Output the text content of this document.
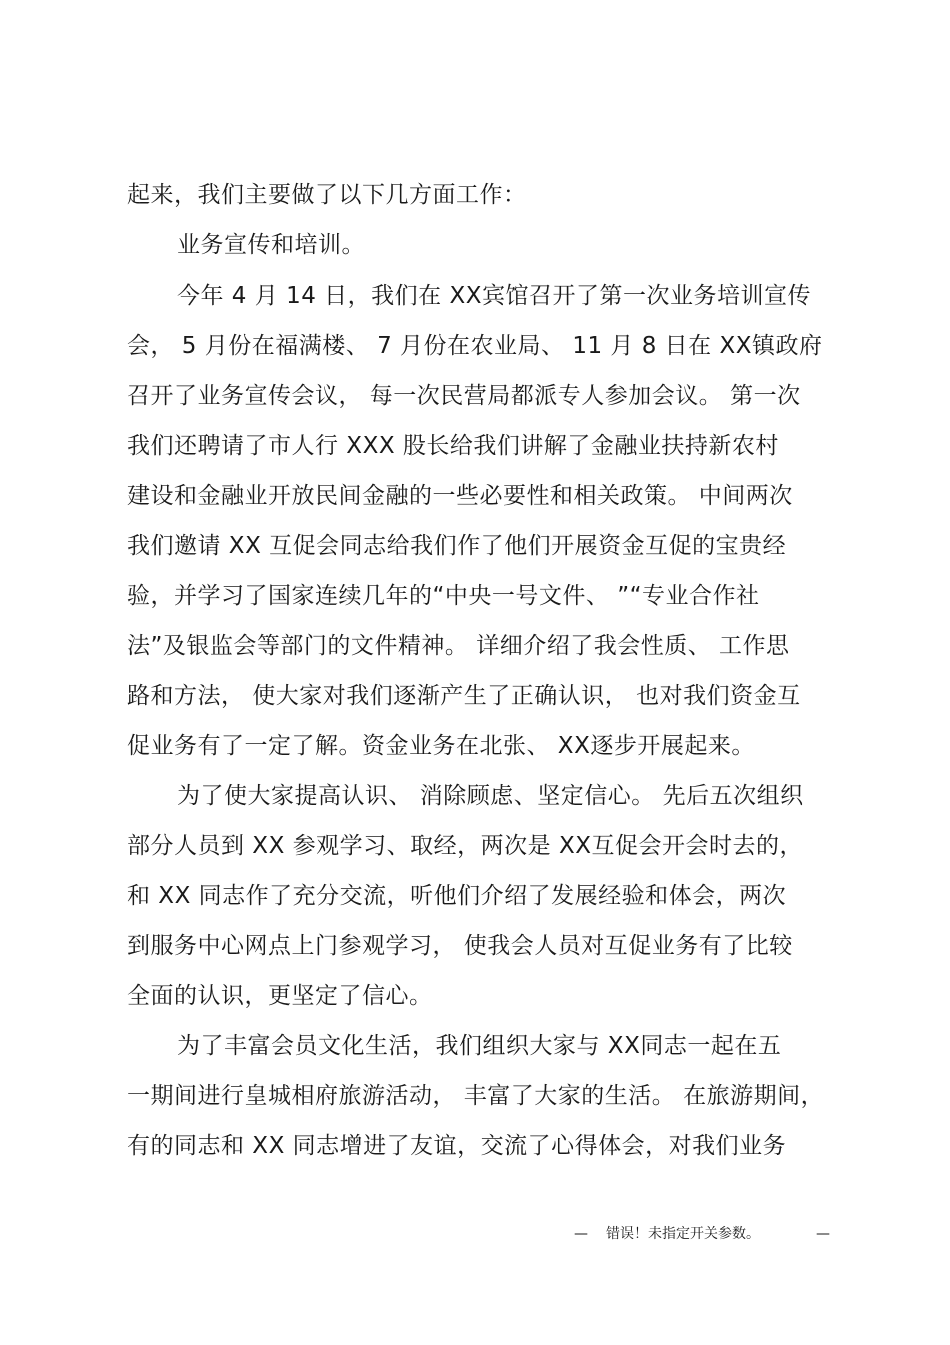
起来，我们主要做了以下几方面工作：
业务宣传和培训。
今年 4 月 14 日，我们在 XX宾馆召开了第一次业务培训宣传
会， 5 月份在福满楼、 7 月份在农业局、 11 月 8 日在 XX镇政府
召开了业务宣传会议， 每一次民营局都派专人参加会议。 第一次
我们还聘请了市人行 XXX 股长给我们讲解了金融业扶持新农村
建设和金融业开放民间金融的一些必要性和相关政策。 中间两次
我们邀请 XX 互促会同志给我们作了他们开展资金互促的宝贵经
验，并学习了国家连续几年的“中央一号文件、 ”“专业合作社
法”及银监会等部门的文件精神。 详细介绍了我会性质、 工作思
路和方法， 使大家对我们逐渐产生了正确认识， 也对我们资金互
促业务有了一定了解。资金业务在北张、 XX逐步开展起来。
为了使大家提高认识、 消除顾虑、坚定信心。 先后五次组织
部分人员到 XX 参观学习、取经，两次是 XX互促会开会时去的，
和 XX 同志作了充分交流，听他们介绍了发展经验和体会，两次
到服务中心网点上门参观学习， 使我会人员对互促业务有了比较
全面的认识，更坚定了信心。
为了丰富会员文化生活，我们组织大家与 XX同志一起在五
一期间进行皇城相府旅游活动， 丰富了大家的生活。 在旅游期间，
有的同志和 XX 同志增进了友谊，交流了心得体会，对我们业务
— 错误！未指定开关参数。	—
